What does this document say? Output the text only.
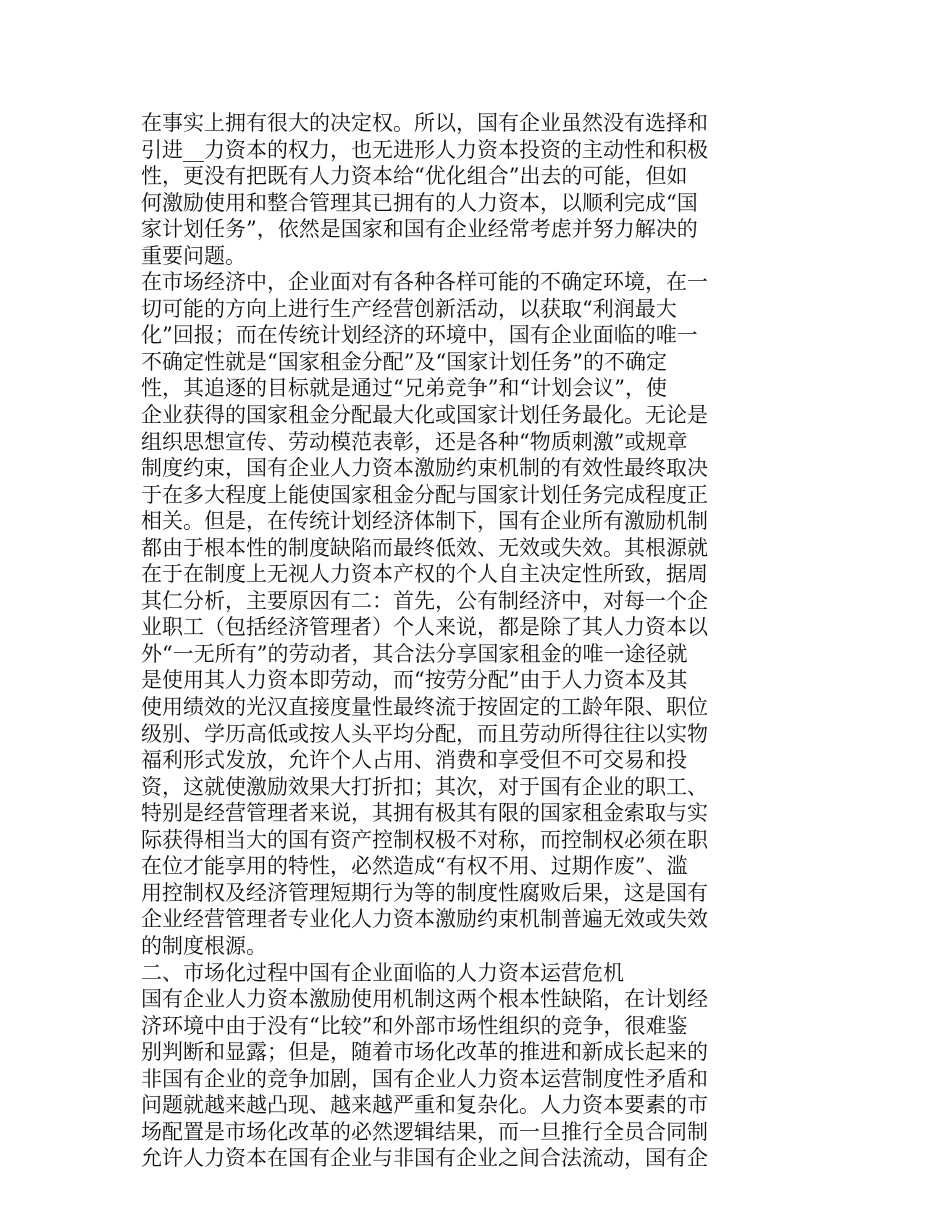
在事实上拥有很大的决定权。所以，国有企业虽然没有选择和
引进__力资本的权力，也无进形人力资本投资的主动性和积极
性，更没有把既有人力资本给“优化组合”出去的可能，但如
何激励使用和整合管理其已拥有的人力资本，以顺利完成“国
家计划任务”，依然是国家和国有企业经常考虑并努力解决的
重要问题。
在市场经济中，企业面对有各种各样可能的不确定环境，在一
切可能的方向上进行生产经营创新活动，以获取“利润最大
化”回报；而在传统计划经济的环境中，国有企业面临的唯一
不确定性就是“国家租金分配”及“国家计划任务”的不确定
性，其追逐的目标就是通过“兄弟竞争”和“计划会议”，使
企业获得的国家租金分配最大化或国家计划任务最化。无论是
组织思想宣传、劳动模范表彰，还是各种“物质刺激”或规章
制度约束，国有企业人力资本激励约束机制的有效性最终取决
于在多大程度上能使国家租金分配与国家计划任务完成程度正
相关。但是，在传统计划经济体制下，国有企业所有激励机制
都由于根本性的制度缺陷而最终低效、无效或失效。其根源就
在于在制度上无视人力资本产权的个人自主决定性所致，据周
其仁分析，主要原因有二：首先，公有制经济中，对每一个企
业职工（包括经济管理者）个人来说，都是除了其人力资本以
外“一无所有”的劳动者，其合法分享国家租金的唯一途径就
是使用其人力资本即劳动，而“按劳分配”由于人力资本及其
使用绩效的光汉直接度量性最终流于按固定的工龄年限、职位
级别、学历高低或按人头平均分配，而且劳动所得往往以实物
福利形式发放，允许个人占用、消费和享受但不可交易和投
资，这就使激励效果大打折扣；其次，对于国有企业的职工、
特别是经营管理者来说，其拥有极其有限的国家租金索取与实
际获得相当大的国有资产控制权极不对称，而控制权必须在职
在位才能享用的特性，必然造成“有权不用、过期作废”、滥
用控制权及经济管理短期行为等的制度性腐败后果，这是国有
企业经营管理者专业化人力资本激励约束机制普遍无效或失效
的制度根源。
二、市场化过程中国有企业面临的人力资本运营危机
国有企业人力资本激励使用机制这两个根本性缺陷，在计划经
济环境中由于没有“比较”和外部市场性组织的竞争，很难鉴
别判断和显露；但是，随着市场化改革的推进和新成长起来的
非国有企业的竞争加剧，国有企业人力资本运营制度性矛盾和
问题就越来越凸现、越来越严重和复杂化。人力资本要素的市
场配置是市场化改革的必然逻辑结果，而一旦推行全员合同制
允许人力资本在国有企业与非国有企业之间合法流动，国有企
